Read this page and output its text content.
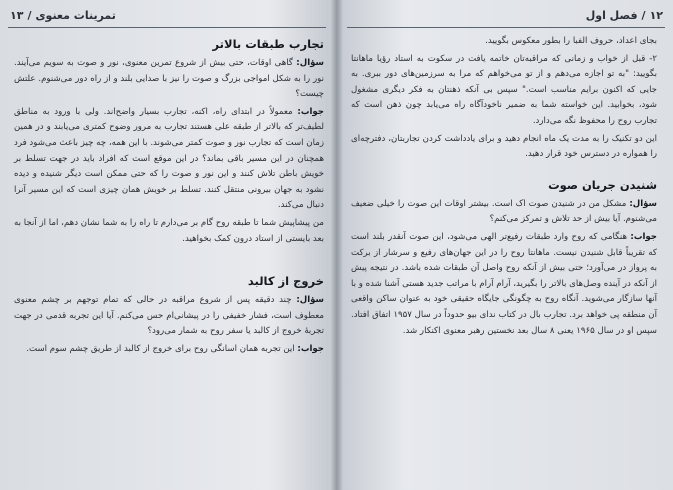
تمرینات معنوی
/
۱۳
تجارب طبقات بالاتر

سؤال: گاهی اوقات، حتی بیش از شروع تمرین معنوی، نور و صوت به سویم می‌آیند. نور را به شکل امواجی بزرگ و صوت را نیز با صدایی بلند و از راه دور می‌شنوم. علتش چیست؟

جواب: معمولاً در ابتدای راه، اکنه، تجارب بسیار واضح‌اند. ولی با ورود به مناطق لطیف‌تر که بالاتر از طبقه علی هستند تجارب به مرور وضوح کمتری می‌یابند و در همین زمان است که تجارب نور و صوت کمتر می‌شوند. با این همه، چه چیز باعث می‌شود فرد همچنان در این مسیر باقی بماند؟ در این موقع است که افراد باید در جهت تسلط بر خویش باطن تلاش کنند و این نور و صوت را که حتی ممکن است دیگر شنیده و دیده نشود به جهان بیرونی منتقل کنند. تسلط بر خویش همان چیزی است که این مسیر آنرا دنبال می‌کند.

من پیشاپیش شما تا طبقه روح گام بر می‌دارم تا راه را به شما نشان دهم، اما از آنجا به بعد بایستی از استاد درون کمک بخواهید.

خروج از کالبد

سؤال: چند دقیقه پس از شروع مراقبه در حالی که تمام توجهم بر چشم معنوی معطوف است، فشار خفیفی را در پیشانی‌ام حس می‌کنم. آیا این تجربه قدمی در جهت تجربهٔ خروج از کالبد یا سفر روح به شمار می‌رود؟

جواب: این تجربه همان اسانگی روح برای خروج از کالبد از طریق چشم سوم است.

۱۲
/
فصل اول

بجای اعداد، حروف الفبا را بطور معکوس بگویید.

۲- قبل از خواب و زمانی که مراقبه‌تان خاتمه یافت در سکوت به استاد رؤیا ماهانتا بگویید: "به تو اجازه می‌دهم و از تو می‌خواهم که مرا به سرزمین‌های دور ببری. به جایی که اکنون برایم مناسب است." سپس بی آنکه ذهنتان به فکر دیگری مشغول شود، بخوابید. این خواسته شما به ضمیر ناخودآگاه راه می‌یابد چون ذهن است که تجارب روح را محفوظ نگه می‌دارد.

این دو تکنیک را به مدت یک ماه انجام دهید و برای یادداشت کردن تجاربتان، دفترچه‌ای را همواره در دسترس خود قرار دهید.

شنیدن جریان صوت

سؤال: مشکل من در شنیدن صوت اک است. بیشتر اوقات این صوت را خیلی ضعیف می‌شنوم. آیا بیش از حد تلاش و تمرکز می‌کنم؟

جواب: هنگامی که روح وارد طبقات رفیع‌تر الهی می‌شود، این صوت آنقدر بلند است که تقریباً قابل شنیدن نیست. ماهانتا روح را در این جهان‌های رفیع و سرشار از برکت به پرواز در می‌آورد؛ حتی بیش از آنکه روح واصل آن طبقات شده باشد. در نتیجه پیش از آنکه در آینده وصل‌های بالاتر را بگیرید، آرام آرام با مراتب جدید هستی آشنا شده و با آنها سازگار می‌شوید. آنگاه روح به چگونگی جایگاه حقیقی خود به عنوان ساکن واقعی آن منطقه پی خواهد برد. تجارب بال در کتاب ندای بیو حدوداً در سال ۱۹۵۷ اتفاق افتاد. سپس او در سال ۱۹۶۵ یعنی ۸ سال بعد نخستین رهبر معنوی اکنکار شد.
